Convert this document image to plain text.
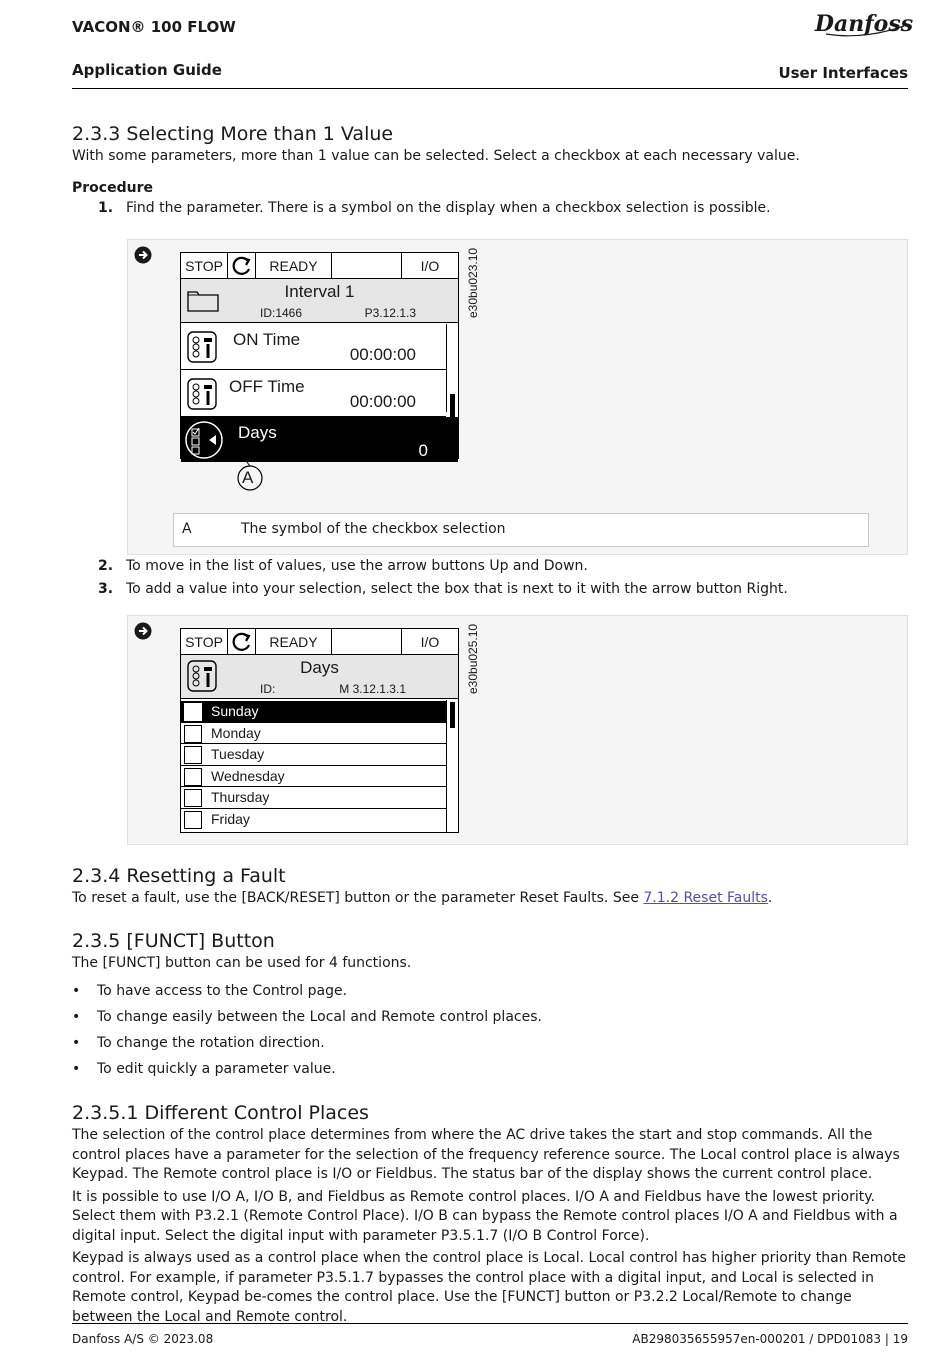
VACON® 100 FLOW
Application Guide	User Interfaces
Danfoss
2.3.3 Selecting More than 1 Value

With some parameters, more than 1 value can be selected. Select a checkbox at each necessary value.

Procedure
1. Find the parameter. There is a symbol on the display when a checkbox selection is possible.
STOP	READY	I/O
Interval 1
ID:1466	P3.12.1.3
ON Time
00:00:00
OFF Time
00:00:00
Days
0
A
e30bu023.10
A	The symbol of the checkbox selection
2. To move in the list of values, use the arrow buttons Up and Down.
3. To add a value into your selection, select the box that is next to it with the arrow button Right.
STOP	READY	I/O
Days
ID:	M 3.12.1.3.1
Sunday
Monday
Tuesday
Wednesday
Thursday
Friday
e30bu025.10
2.3.4 Resetting a Fault

To reset a fault, use the [BACK/RESET] button or the parameter Reset Faults. See 7.1.2 Reset Faults.

2.3.5 [FUNCT] Button

The [FUNCT] button can be used for 4 functions.

• To have access to the Control page.
• To change easily between the Local and Remote control places.
• To change the rotation direction.
• To edit quickly a parameter value.
2.3.5.1 Different Control Places

The selection of the control place determines from where the AC drive takes the start and stop commands. All the control places have a parameter for the selection of the frequency reference source. The Local control place is always Keypad. The Remote control place is I/O or Fieldbus. The status bar of the display shows the current control place.

It is possible to use I/O A, I/O B, and Fieldbus as Remote control places. I/O A and Fieldbus have the lowest priority. Select them with P3.2.1 (Remote Control Place). I/O B can bypass the Remote control places I/O A and Fieldbus with a digital input. Select the digital input with parameter P3.5.1.7 (I/O B Control Force).

Keypad is always used as a control place when the control place is Local. Local control has higher priority than Remote control. For example, if parameter P3.5.1.7 bypasses the control place with a digital input, and Local is selected in Remote control, Keypad be-comes the control place. Use the [FUNCT] button or P3.2.2 Local/Remote to change between the Local and Remote control.

Danfoss A/S © 2023.08	AB298035655957en-000201 / DPD01083 | 19
